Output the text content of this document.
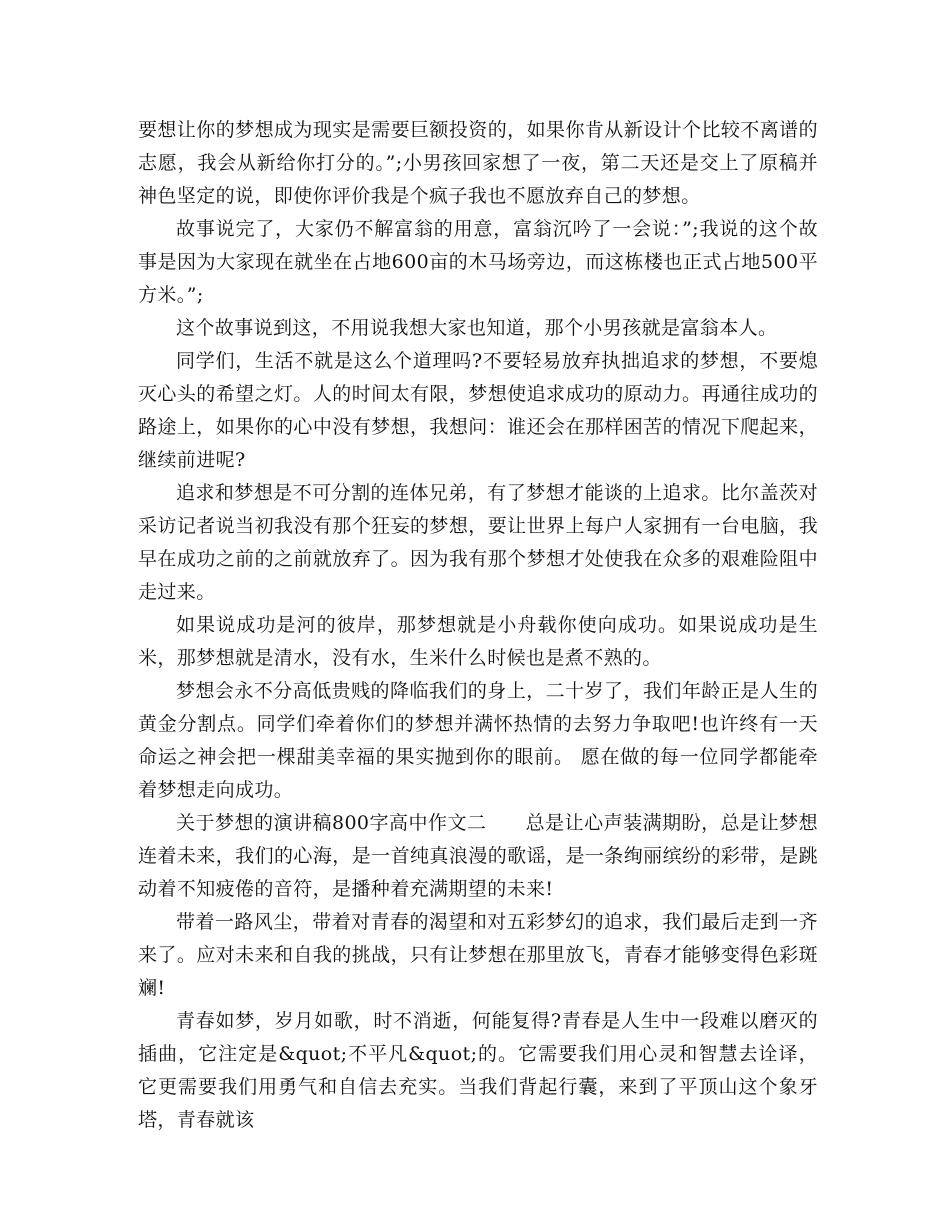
要想让你的梦想成为现实是需要巨额投资的，如果你肯从新设计个比较不离谱的志愿，我会从新给你打分的。”;小男孩回家想了一夜，第二天还是交上了原稿并神色坚定的说，即使你评价我是个疯子我也不愿放弃自己的梦想。

故事说完了，大家仍不解富翁的用意，富翁沉吟了一会说：”;我说的这个故事是因为大家现在就坐在占地600亩的木马场旁边，而这栋楼也正式占地500平方米。”;

这个故事说到这，不用说我想大家也知道，那个小男孩就是富翁本人。

同学们，生活不就是这么个道理吗?不要轻易放弃执拙追求的梦想，不要熄灭心头的希望之灯。人的时间太有限，梦想使追求成功的原动力。再通往成功的路途上，如果你的心中没有梦想，我想问：谁还会在那样困苦的情况下爬起来，继续前进呢?

追求和梦想是不可分割的连体兄弟，有了梦想才能谈的上追求。比尔盖茨对采访记者说当初我没有那个狂妄的梦想，要让世界上每户人家拥有一台电脑，我早在成功之前的之前就放弃了。因为我有那个梦想才处使我在众多的艰难险阻中走过来。

如果说成功是河的彼岸，那梦想就是小舟载你使向成功。如果说成功是生米，那梦想就是清水，没有水，生米什么时候也是煮不熟的。

梦想会永不分高低贵贱的降临我们的身上，二十岁了，我们年龄正是人生的黄金分割点。同学们牵着你们的梦想并满怀热情的去努力争取吧!也许终有一天命运之神会把一棵甜美幸福的果实抛到你的眼前。 愿在做的每一位同学都能牵着梦想走向成功。

关于梦想的演讲稿800字高中作文二      总是让心声装满期盼，总是让梦想连着未来，我们的心海，是一首纯真浪漫的歌谣，是一条绚丽缤纷的彩带，是跳动着不知疲倦的音符，是播种着充满期望的未来!

带着一路风尘，带着对青春的渴望和对五彩梦幻的追求，我们最后走到一齐来了。应对未来和自我的挑战，只有让梦想在那里放飞，青春才能够变得色彩斑斓!

青春如梦，岁月如歌，时不消逝，何能复得?青春是人生中一段难以磨灭的插曲，它注定是&quot;不平凡&quot;的。它需要我们用心灵和智慧去诠译，它更需要我们用勇气和自信去充实。当我们背起行囊，来到了平顶山这个象牙塔，青春就该
